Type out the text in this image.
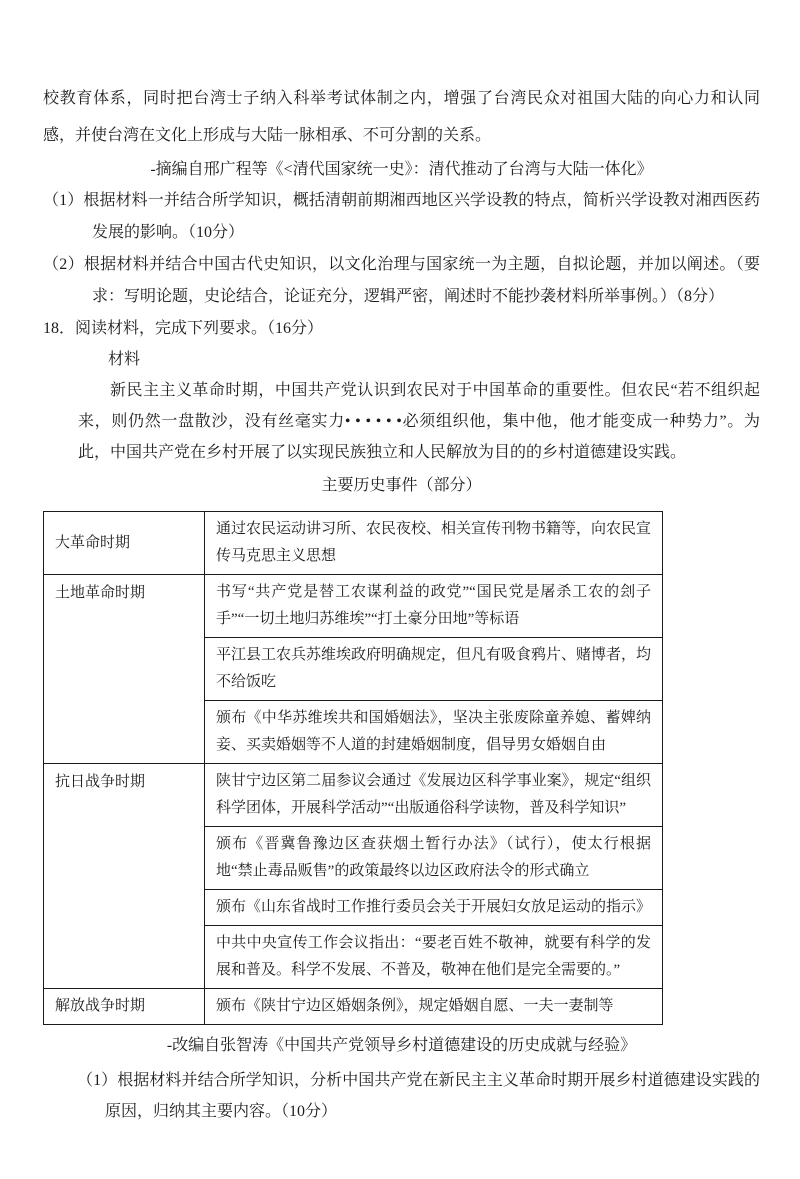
校教育体系，同时把台湾士子纳入科举考试体制之内，增强了台湾民众对祖国大陆的向心力和认同感，并使台湾在文化上形成与大陆一脉相承、不可分割的关系。

-摘编自邢广程等《<清代国家统一史》：清代推动了台湾与大陆一体化》

（1）根据材料一并结合所学知识，概括清朝前期湘西地区兴学设教的特点，简析兴学设教对湘西医药发展的影响。（10分）

（2）根据材料并结合中国古代史知识，以文化治理与国家统一为主题，自拟论题，并加以阐述。（要求：写明论题，史论结合，论证充分，逻辑严密，阐述时不能抄袭材料所举事例。）（8分）

18．阅读材料，完成下列要求。（16分）

材料

新民主主义革命时期，中国共产党认识到农民对于中国革命的重要性。但农民“若不组织起来，则仍然一盘散沙，没有丝毫实力• • • • • •必须组织他，集中他，他才能变成一种势力”。为此，中国共产党在乡村开展了以实现民族独立和人民解放为目的的乡村道德建设实践。

主要历史事件（部分）

大革命时期	通过农民运动讲习所、农民夜校、相关宣传刊物书籍等，向农民宣传马克思主义思想
土地革命时期	书写“共产党是替工农谋利益的政党”“国民党是屠杀工农的刽子手”“一切土地归苏维埃”“打土豪分田地”等标语
	平江县工农兵苏维埃政府明确规定，但凡有吸食鸦片、赌博者，均不给饭吃
	颁布《中华苏维埃共和国婚姻法》，坚决主张废除童养媳、蓄婢纳妾、买卖婚姻等不人道的封建婚姻制度，倡导男女婚姻自由
抗日战争时期	陕甘宁边区第二届参议会通过《发展边区科学事业案》，规定“组织科学团体，开展科学活动”“出版通俗科学读物，普及科学知识”
	颁布《晋冀鲁豫边区查获烟土暂行办法》（试行），使太行根据地“禁止毒品贩售”的政策最终以边区政府法令的形式确立
	颁布《山东省战时工作推行委员会关于开展妇女放足运动的指示》
	中共中央宣传工作会议指出：“要老百姓不敬神，就要有科学的发展和普及。科学不发展、不普及，敬神在他们是完全需要的。”
解放战争时期	颁布《陕甘宁边区婚姻条例》，规定婚姻自愿、一夫一妻制等

-改编自张智涛《中国共产党领导乡村道德建设的历史成就与经验》

（1）根据材料并结合所学知识，分析中国共产党在新民主主义革命时期开展乡村道德建设实践的原因，归纳其主要内容。（10分）
